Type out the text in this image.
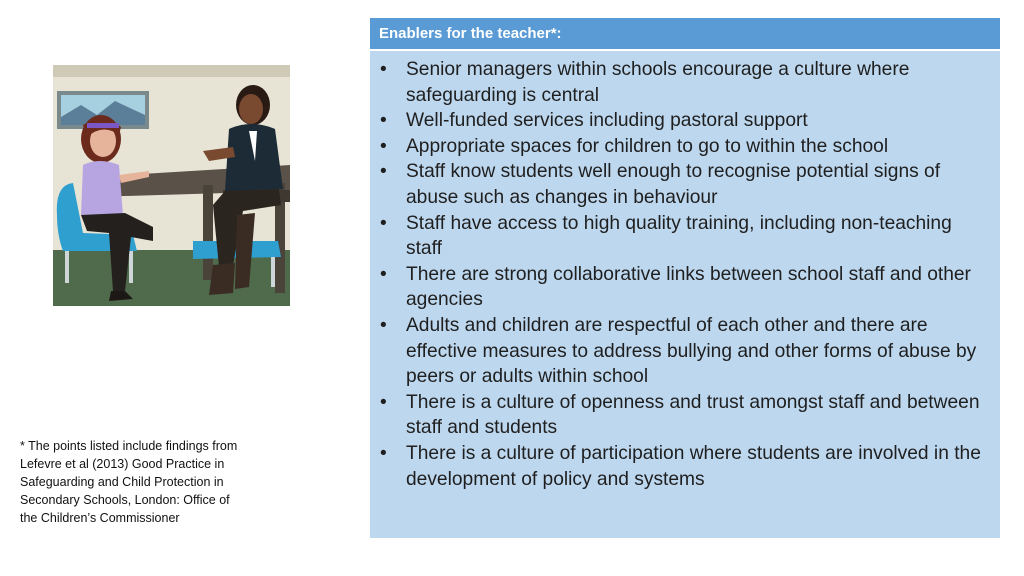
* The points listed include findings from Lefevre et al (2013) Good Practice in Safeguarding and Child Protection in Secondary Schools, London: Office of the Children’s Commissioner
Enablers for the teacher*:
•	Senior managers within schools encourage a culture where safeguarding is central
•	Well-funded services including pastoral support
•	Appropriate spaces for children to go to within the school
•	Staff know students well enough to recognise potential signs of abuse such as changes in behaviour
•	Staff have access to high quality training, including non-teaching staff
•	There are strong collaborative links between school staff and other agencies
•	Adults and children are respectful of each other and there are effective measures to address bullying and other forms of abuse by peers or adults within school
•	There is a culture of openness and trust amongst staff and between staff and students
•	There is a culture of participation where students are involved in the development of policy and systems
